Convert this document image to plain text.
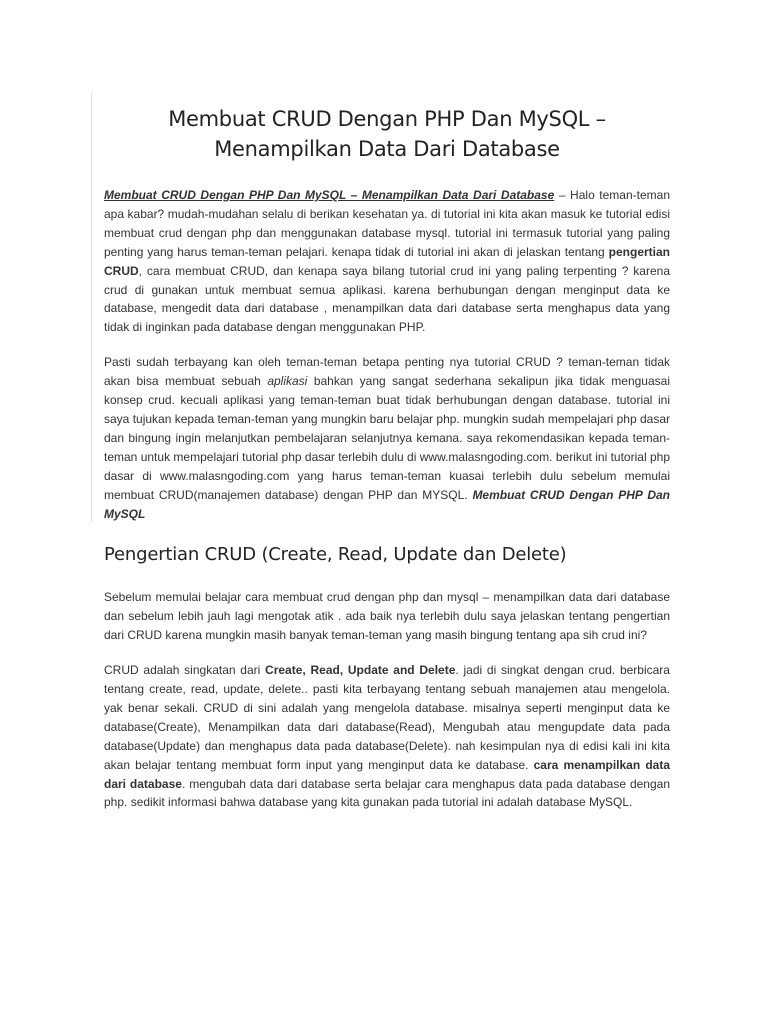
Membuat CRUD Dengan PHP Dan MySQL –
Menampilkan Data Dari Database

Membuat CRUD Dengan PHP Dan MySQL – Menampilkan Data Dari Database – Halo teman-teman apa kabar? mudah-mudahan selalu di berikan kesehatan ya. di tutorial ini kita akan masuk ke tutorial edisi membuat crud dengan php dan menggunakan database mysql. tutorial ini termasuk tutorial yang paling penting yang harus teman-teman pelajari. kenapa tidak di tutorial ini akan di jelaskan tentang pengertian CRUD, cara membuat CRUD, dan kenapa saya bilang tutorial crud ini yang paling terpenting ? karena crud di gunakan untuk membuat semua aplikasi. karena berhubungan dengan menginput data ke database, mengedit data dari database , menampilkan data dari database serta menghapus data yang tidak di inginkan pada database dengan menggunakan PHP.

Pasti sudah terbayang kan oleh teman-teman betapa penting nya tutorial CRUD ? teman-teman tidak akan bisa membuat sebuah aplikasi bahkan yang sangat sederhana sekalipun jika tidak menguasai konsep crud. kecuali aplikasi yang teman-teman buat tidak berhubungan dengan database. tutorial ini saya tujukan kepada teman-teman yang mungkin baru belajar php. mungkin sudah mempelajari php dasar dan bingung ingin melanjutkan pembelajaran selanjutnya kemana. saya rekomendasikan kepada teman-teman untuk mempelajari tutorial php dasar terlebih dulu di www.malasngoding.com. berikut ini tutorial php dasar di www.malasngoding.com yang harus teman-teman kuasai terlebih dulu sebelum memulai membuat CRUD(manajemen database) dengan PHP dan MYSQL. Membuat CRUD Dengan PHP Dan MySQL

Pengertian CRUD (Create, Read, Update dan Delete)

Sebelum memulai belajar cara membuat crud dengan php dan mysql – menampilkan data dari database dan sebelum lebih jauh lagi mengotak atik . ada baik nya terlebih dulu saya jelaskan tentang pengertian dari CRUD karena mungkin masih banyak teman-teman yang masih bingung tentang apa sih crud ini?

CRUD adalah singkatan dari Create, Read, Update and Delete. jadi di singkat dengan crud. berbicara tentang create, read, update, delete.. pasti kita terbayang tentang sebuah manajemen atau mengelola. yak benar sekali. CRUD di sini adalah yang mengelola database. misalnya seperti menginput data ke database(Create), Menampilkan data dari database(Read), Mengubah atau mengupdate data pada database(Update) dan menghapus data pada database(Delete). nah kesimpulan nya di edisi kali ini kita akan belajar tentang membuat form input yang menginput data ke database. cara menampilkan data dari database. mengubah data dari database serta belajar cara menghapus data pada database dengan php. sedikit informasi bahwa database yang kita gunakan pada tutorial ini adalah database MySQL.
